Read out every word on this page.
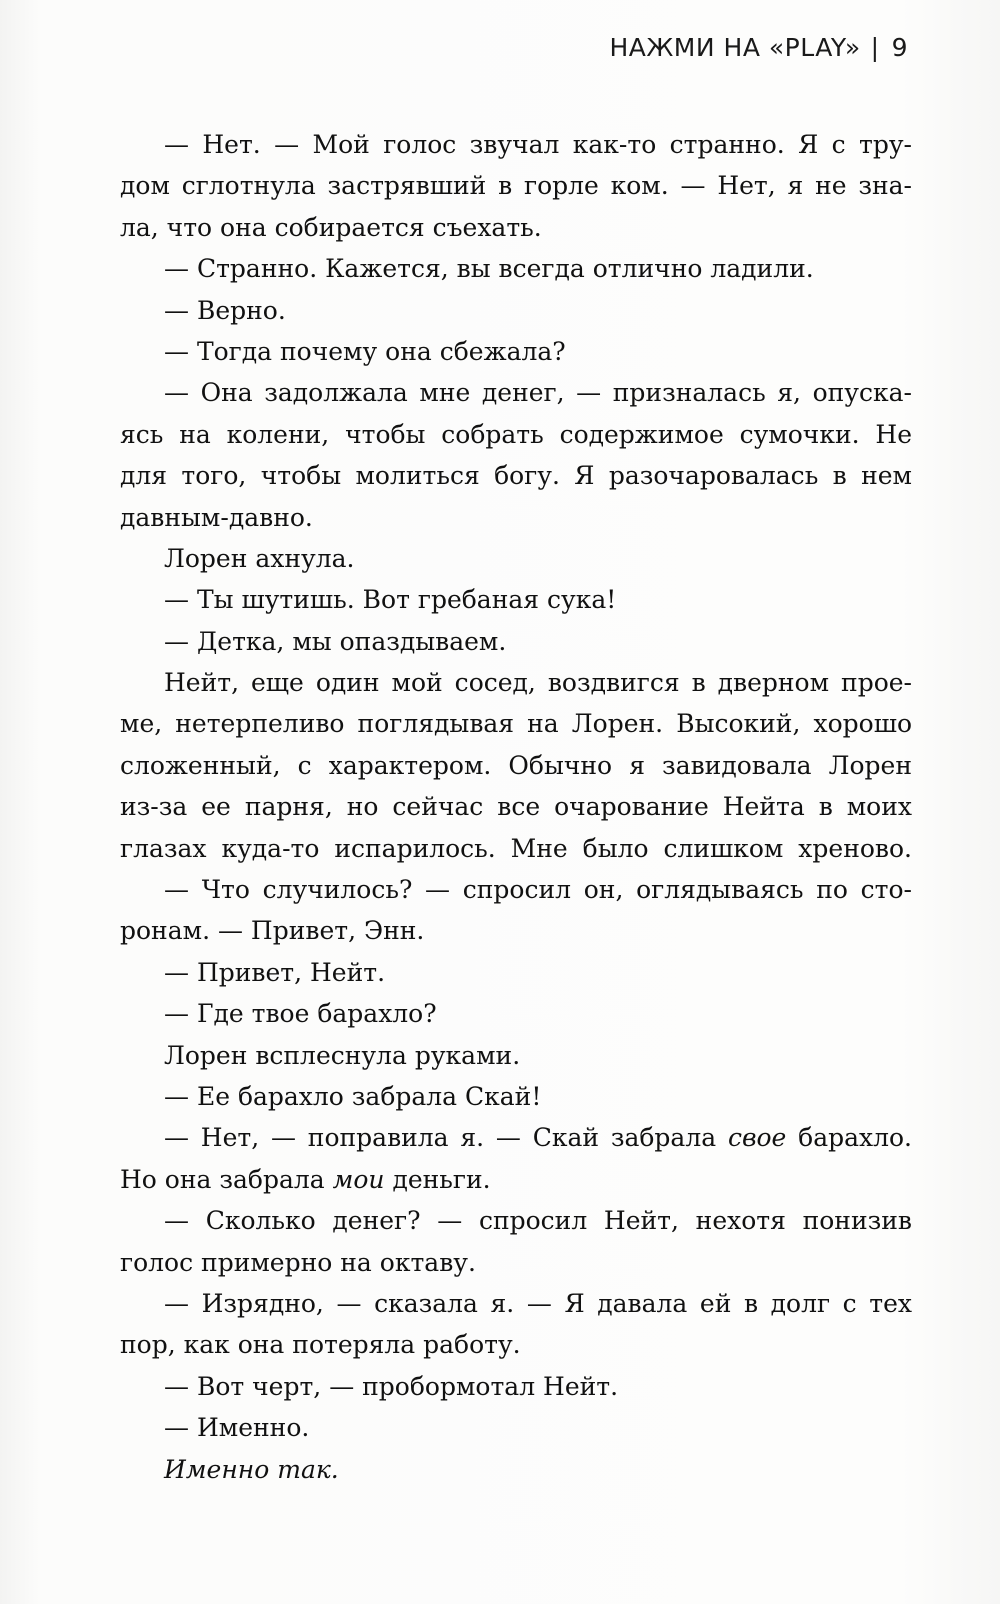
НАЖМИ НА «PLAY» | 9
— Нет. — Мой голос звучал как-то странно. Я с тру-
дом сглотнула застрявший в горле ком. — Нет, я не зна-
ла, что она собирается съехать.
— Странно. Кажется, вы всегда отлично ладили.
— Верно.
— Тогда почему она сбежала?
— Она задолжала мне денег, — призналась я, опуска-
ясь на колени, чтобы собрать содержимое сумочки. Не
для того, чтобы молиться богу. Я разочаровалась в нем
давным-давно.
Лорен ахнула.
— Ты шутишь. Вот гребаная сука!
— Детка, мы опаздываем.
Нейт, еще один мой сосед, воздвигся в дверном прое-
ме, нетерпеливо поглядывая на Лорен. Высокий, хорошо
сложенный, с характером. Обычно я завидовала Лорен
из-за ее парня, но сейчас все очарование Нейта в моих
глазах куда-то испарилось. Мне было слишком хреново.
— Что случилось? — спросил он, оглядываясь по сто-
ронам. — Привет, Энн.
— Привет, Нейт.
— Где твое барахло?
Лорен всплеснула руками.
— Ее барахло забрала Скай!
— Нет, — поправила я. — Скай забрала свое барахло.
Но она забрала мои деньги.
— Сколько денег? — спросил Нейт, нехотя понизив
голос примерно на октаву.
— Изрядно, — сказала я. — Я давала ей в долг с тех
пор, как она потеряла работу.
— Вот черт, — пробормотал Нейт.
— Именно.
Именно так.
